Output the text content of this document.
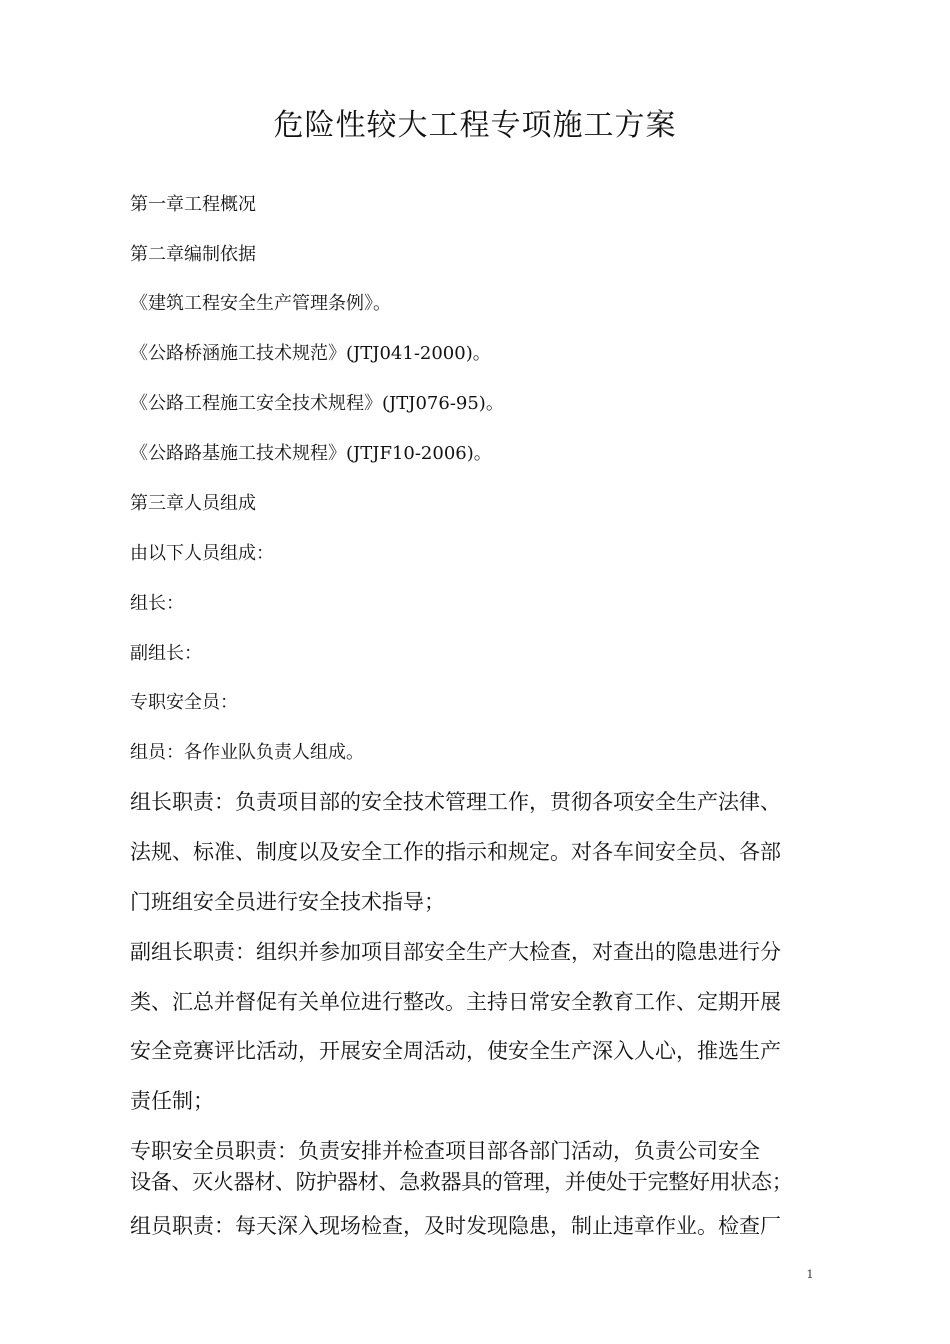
危险性较大工程专项施工方案
第一章工程概况
第二章编制依据
《建筑工程安全生产管理条例》。
《公路桥涵施工技术规范》(JTJ041-2000)。
《公路工程施工安全技术规程》(JTJ076-95)。
《公路路基施工技术规程》(JTJF10-2006)。
第三章人员组成
由以下人员组成：
组长：
副组长：
专职安全员：
组员：各作业队负责人组成。
组长职责：负责项目部的安全技术管理工作，贯彻各项安全生产法律、
法规、标准、制度以及安全工作的指示和规定。对各车间安全员、各部
门班组安全员进行安全技术指导；
副组长职责：组织并参加项目部安全生产大检查，对查出的隐患进行分
类、汇总并督促有关单位进行整改。主持日常安全教育工作、定期开展
安全竞赛评比活动，开展安全周活动，使安全生产深入人心，推选生产
责任制；
专职安全员职责：负责安排并检查项目部各部门活动，负责公司安全
设备、灭火器材、防护器材、急救器具的管理，并使处于完整好用状态；
组员职责：每天深入现场检查，及时发现隐患，制止违章作业。检查厂
1
